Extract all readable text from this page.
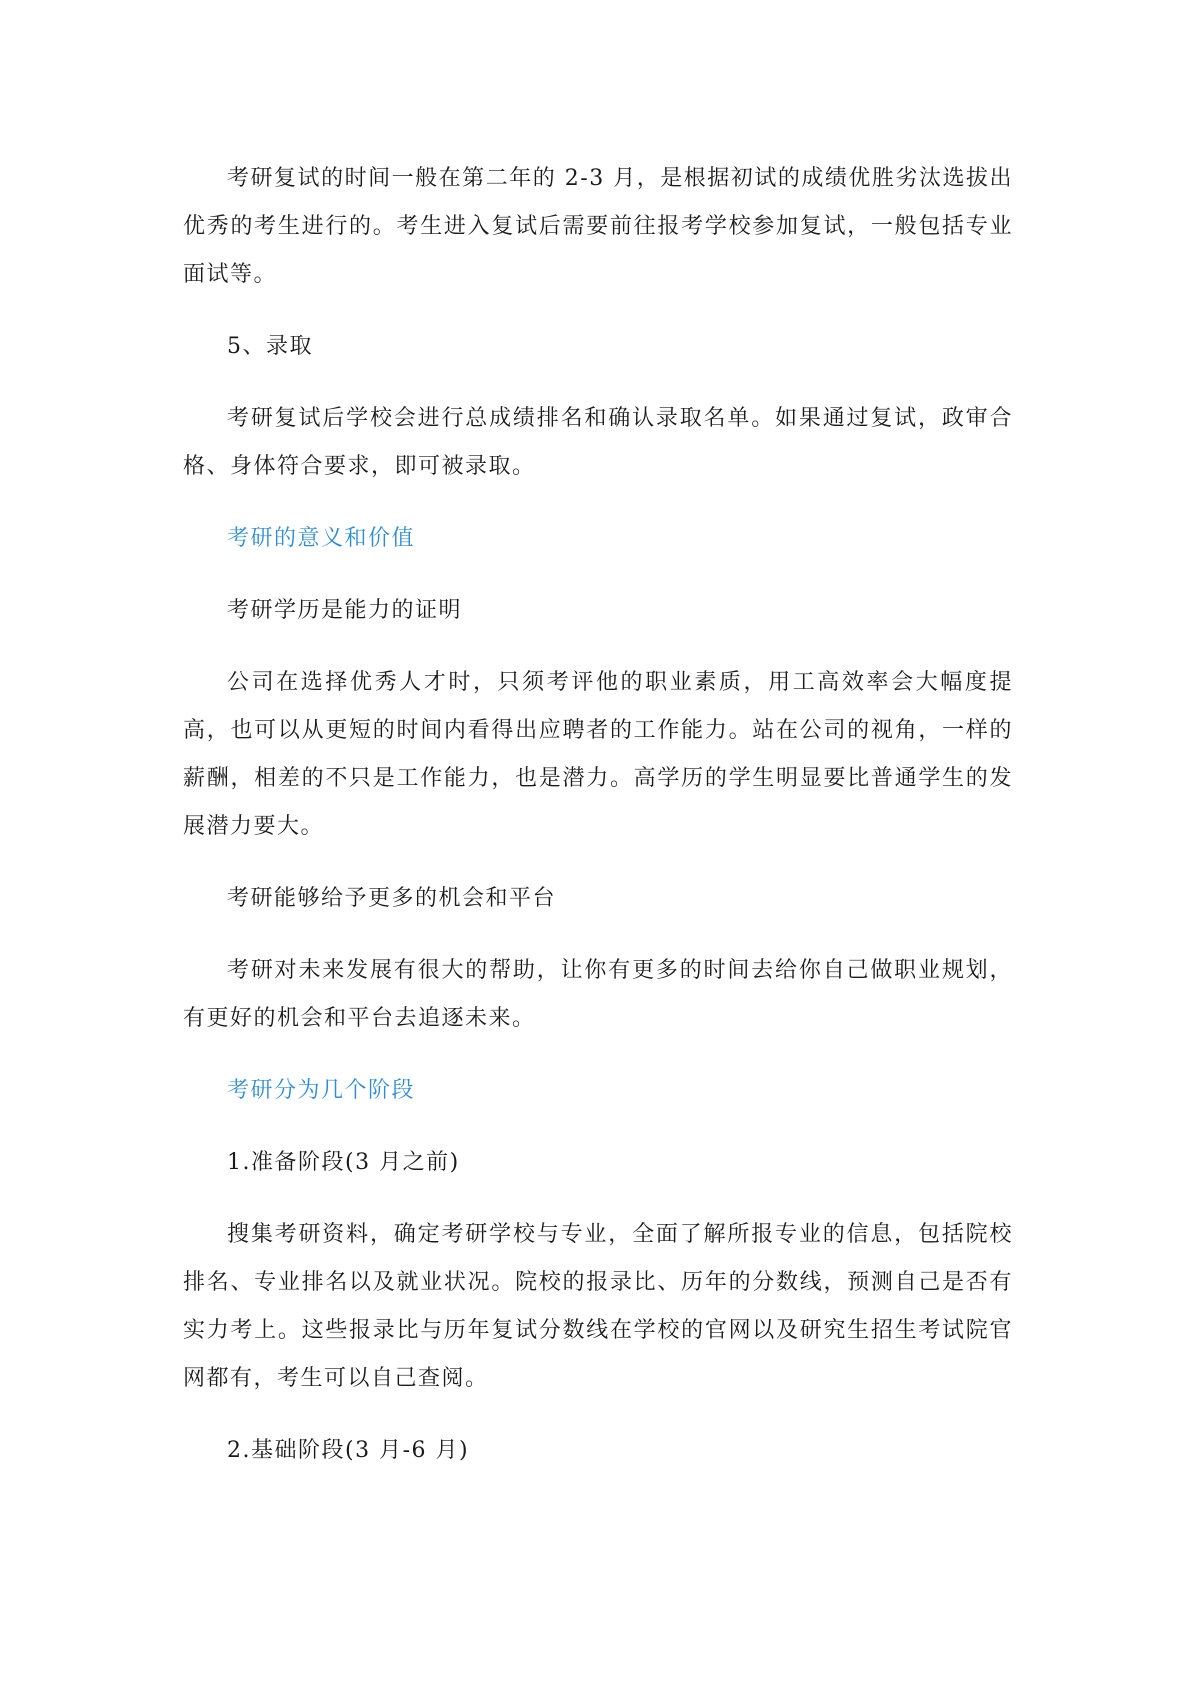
考研复试的时间一般在第二年的 2-3 月，是根据初试的成绩优胜劣汰选拔出优秀的考生进行的。考生进入复试后需要前往报考学校参加复试，一般包括专业面试等。

5、录取

考研复试后学校会进行总成绩排名和确认录取名单。如果通过复试，政审合格、身体符合要求，即可被录取。

考研的意义和价值

考研学历是能力的证明

公司在选择优秀人才时，只须考评他的职业素质，用工高效率会大幅度提高，也可以从更短的时间内看得出应聘者的工作能力。站在公司的视角，一样的薪酬，相差的不只是工作能力，也是潜力。高学历的学生明显要比普通学生的发展潜力要大。

考研能够给予更多的机会和平台

考研对未来发展有很大的帮助，让你有更多的时间去给你自己做职业规划，有更好的机会和平台去追逐未来。

考研分为几个阶段

1.准备阶段(3 月之前)

搜集考研资料，确定考研学校与专业，全面了解所报专业的信息，包括院校排名、专业排名以及就业状况。院校的报录比、历年的分数线，预测自己是否有实力考上。这些报录比与历年复试分数线在学校的官网以及研究生招生考试院官网都有，考生可以自己查阅。

2.基础阶段(3 月-6 月)
